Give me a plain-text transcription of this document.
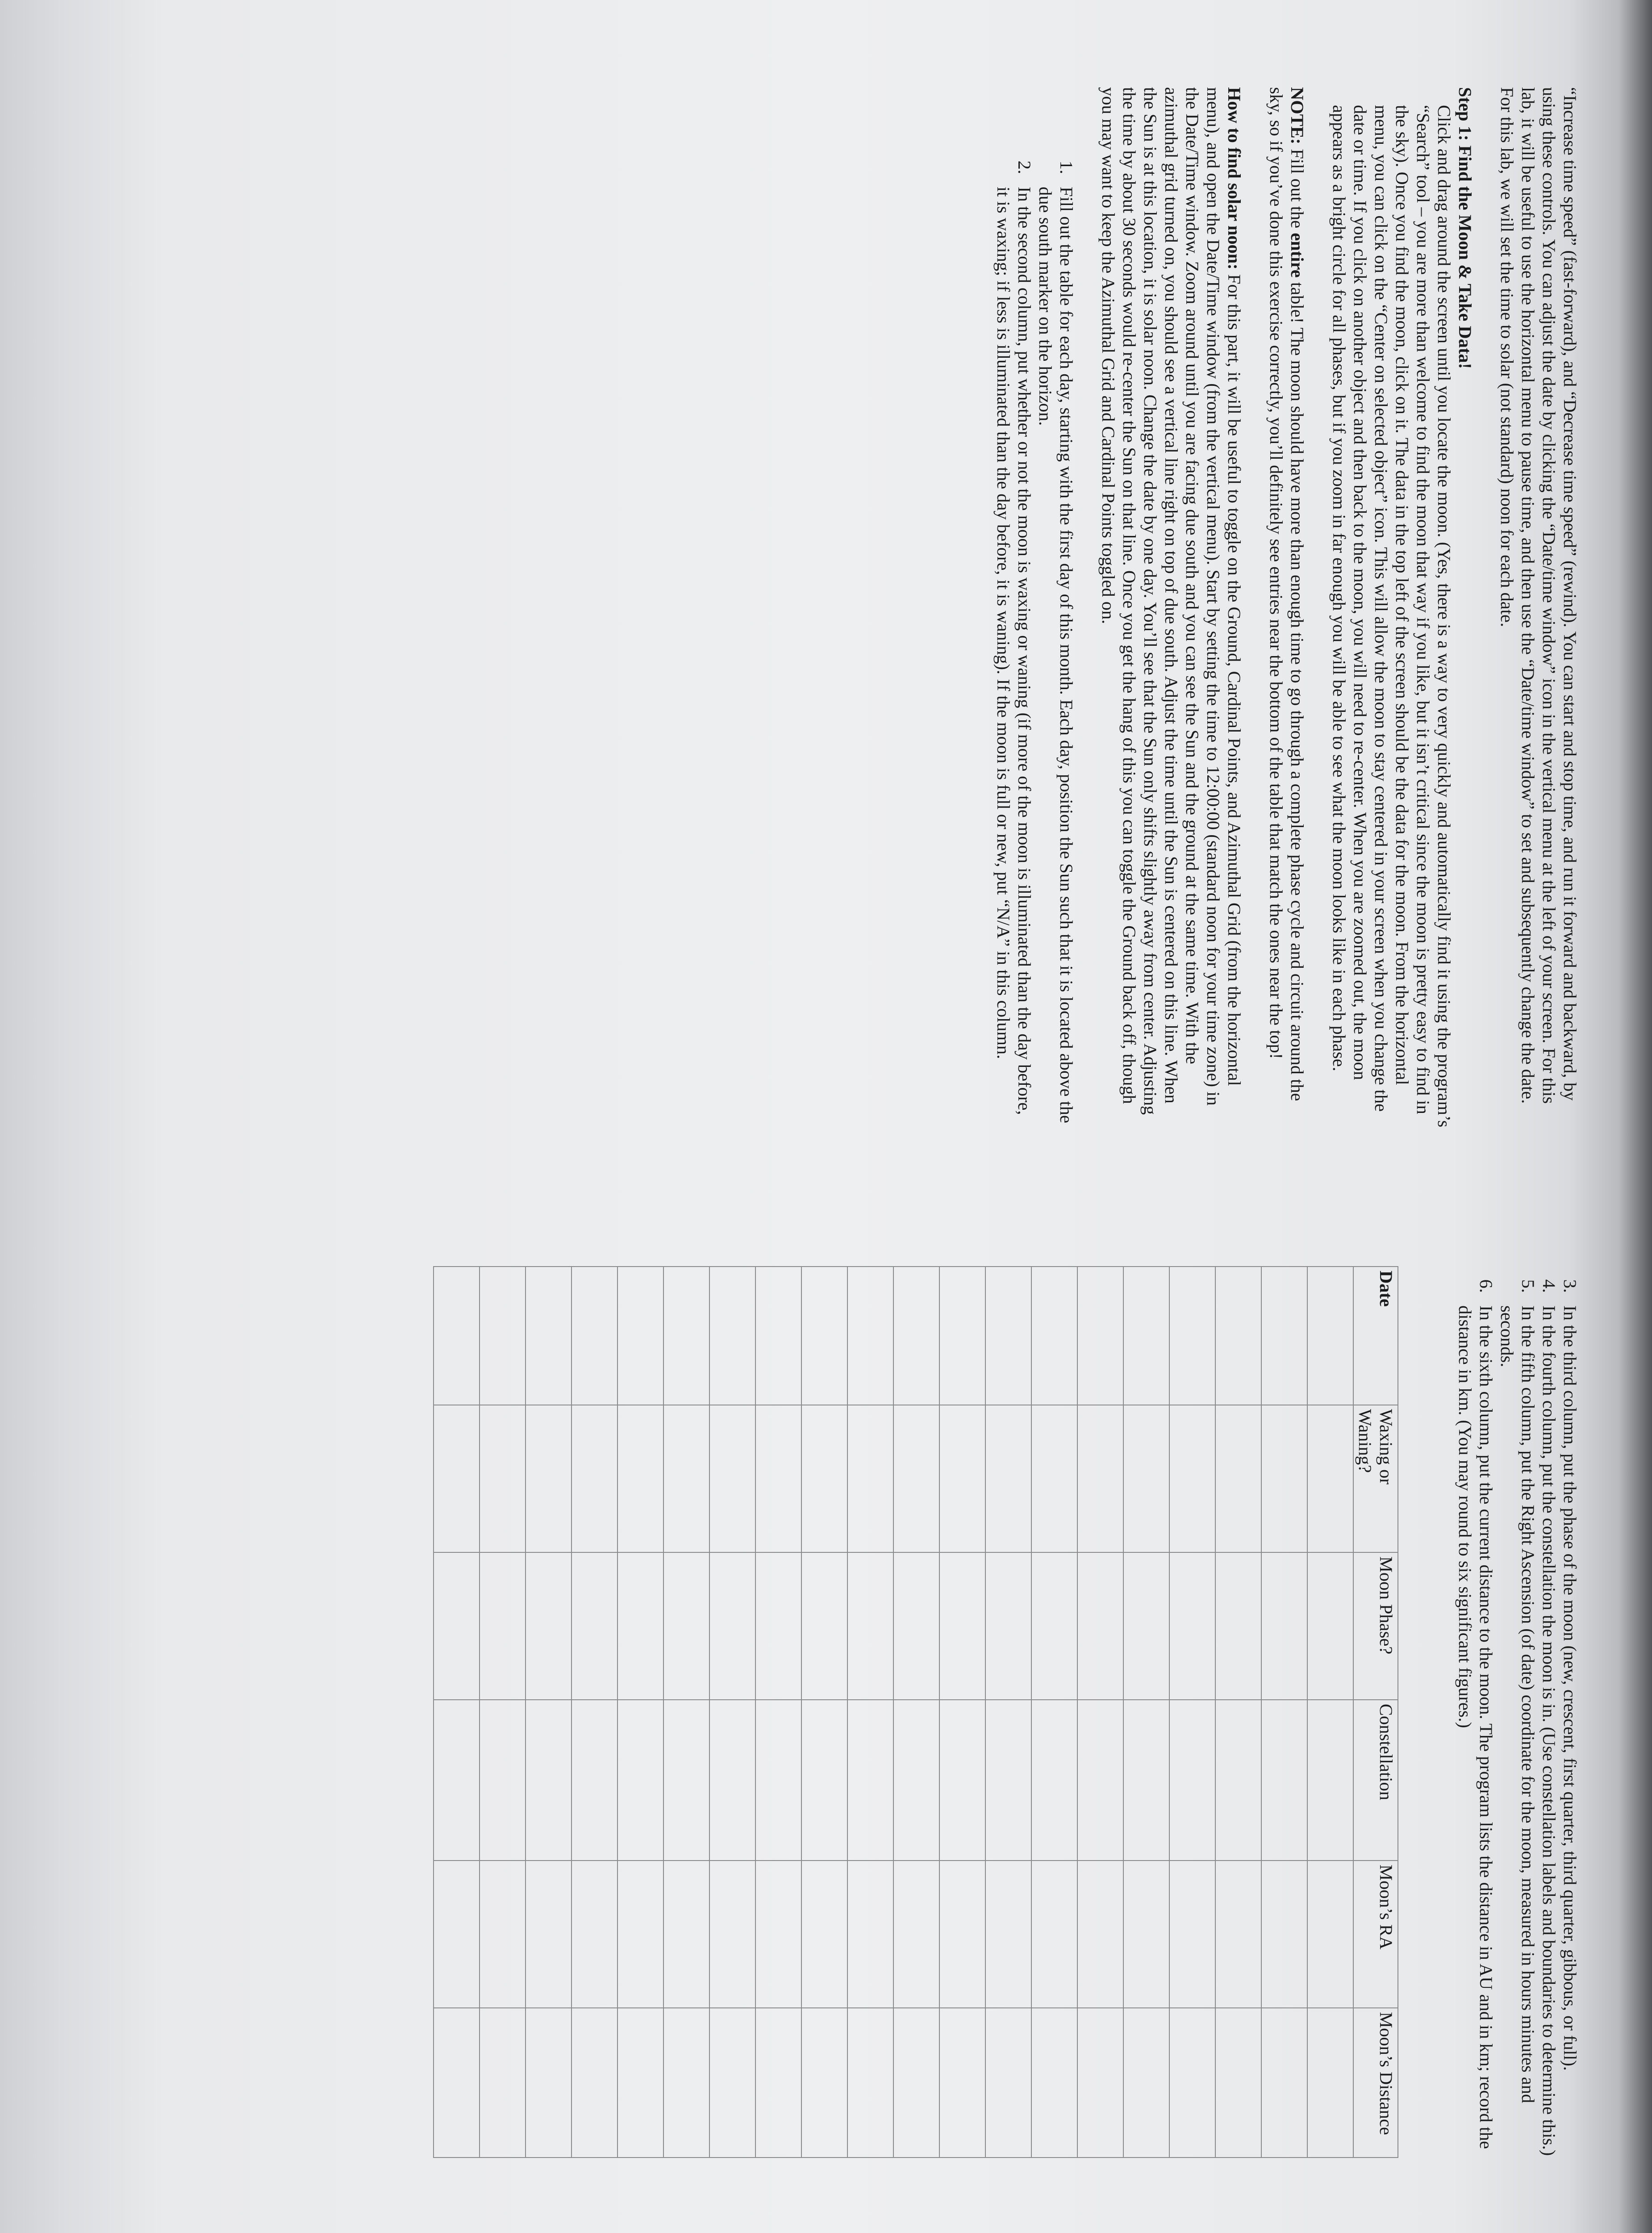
“Increase time speed” (fast-forward), and “Decrease time speed” (rewind). You can start and stop time, and run it forward and backward, by using these controls. You can adjust the date by clicking the “Date/time window” icon in the vertical menu at the left of your screen. For this lab, it will be useful to use the horizontal menu to pause time, and then use the “Date/time window” to set and subsequently change the date. For this lab, we will set the time to solar (not standard) noon for each date.

Step 1: Find the Moon & Take Data!

Click and drag around the screen until you locate the moon. (Yes, there is a way to very quickly and automatically find it using the program’s “Search” tool – you are more than welcome to find the moon that way if you like, but it isn’t critical since the moon is pretty easy to find in the sky). Once you find the moon, click on it. The data in the top left of the screen should be the data for the moon. From the horizontal menu, you can click on the “Center on selected object” icon. This will allow the moon to stay centered in your screen when you change the date or time. If you click on another object and then back to the moon, you will need to re-center. When you are zoomed out, the moon appears as a bright circle for all phases, but if you zoom in far enough you will be able to see what the moon looks like in each phase.

NOTE: Fill out the entire table! The moon should have more than enough time to go through a complete phase cycle and circuit around the sky, so if you’ve done this exercise correctly, you’ll definitely see entries near the bottom of the table that match the ones near the top!

How to find solar noon: For this part, it will be useful to toggle on the Ground, Cardinal Points, and Azimuthal Grid (from the horizontal menu), and open the Date/Time window (from the vertical menu). Start by setting the time to 12:00:00 (standard noon for your time zone) in the Date/Time window. Zoom around until you are facing due south and you can see the Sun and the ground at the same time. With the azimuthal grid turned on, you should see a vertical line right on top of due south. Adjust the time until the Sun is centered on this line. When the Sun is at this location, it is solar noon. Change the date by one day. You’ll see that the Sun only shifts slightly away from center. Adjusting the time by about 30 seconds would re-center the Sun on that line. Once you get the hang of this you can toggle the Ground back off, though you may want to keep the Azimuthal Grid and Cardinal Points toggled on.

1.
Fill out the table for each day, starting with the first day of this month. Each day, position the Sun such that it is located above the due south marker on the horizon.
2.
In the second column, put whether or not the moon is waxing or waning (if more of the moon is illuminated than the day before, it is waxing; if less is illuminated than the day before, it is waning). If the moon is full or new, put “N/A” in this column.
3.
In the third column, put the phase of the moon (new, crescent, first quarter, third quarter, gibbous, or full).
4.
In the fourth column, put the constellation the moon is in. (Use constellation labels and boundaries to determine this.)
5.
In the fifth column, put the Right Ascension (of date) coordinate for the moon, measured in hours minutes and seconds.
6.
In the sixth column, put the current distance to the moon. The program lists the distance in AU and in km; record the distance in km. (You may round to six significant figures.)
Date	Waxing or Waning?	Moon Phase?	Constellation	Moon’s RA	Moon’s Distance
